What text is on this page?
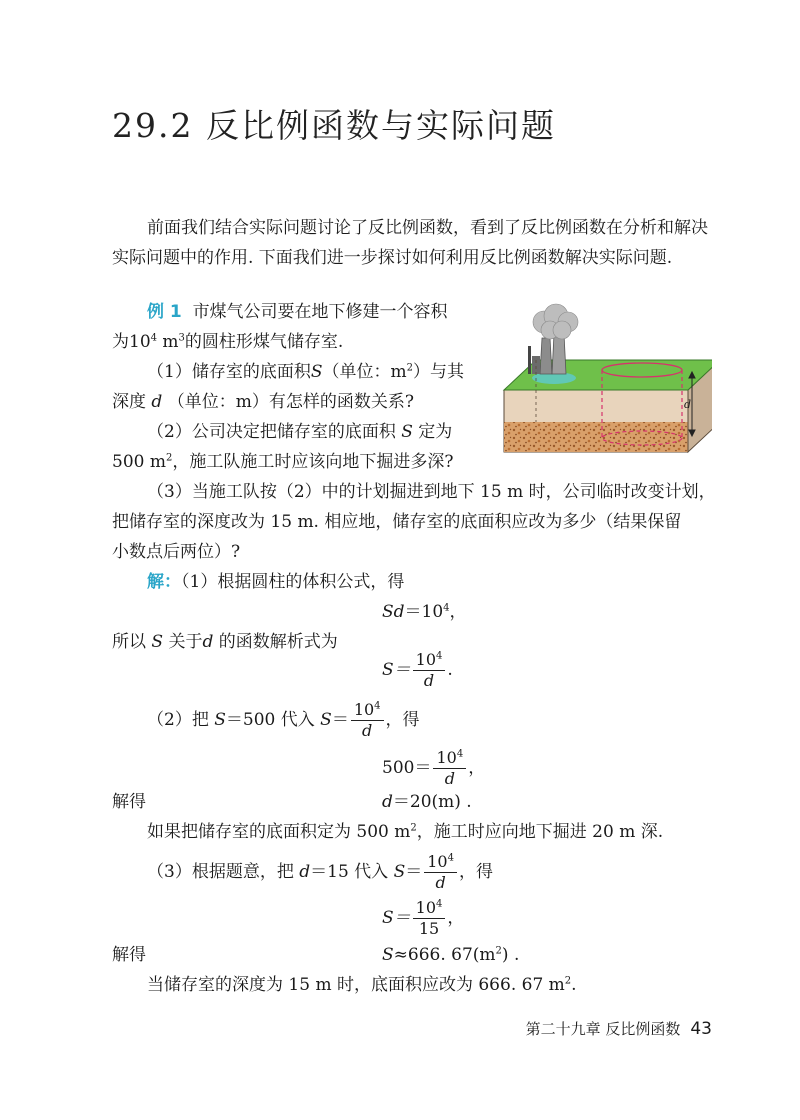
29.2 反比例函数与实际问题
前面我们结合实际问题讨论了反比例函数，看到了反比例函数在分析和解决
实际问题中的作用. 下面我们进一步探讨如何利用反比例函数解决实际问题.
例 1 市煤气公司要在地下修建一个容积
为$10^4$ $m^3$的圆柱形煤气储存室.
（1）储存室的底面积S（单位：$m^2$）与其
深度 d （单位：m）有怎样的函数关系?
（2）公司决定把储存室的底面积 S 定为
500 $m^2$，施工队施工时应该向地下掘进多深?
（3）当施工队按（2）中的计划掘进到地下 15 m 时，公司临时改变计划，
把储存室的深度改为 15 m. 相应地，储存室的底面积应改为多少（结果保留
小数点后两位）?
解：（1）根据圆柱的体积公式，得
$Sd=10^4$，
所以 S 关于d 的函数解析式为
$S= \frac{10^4}{d}$ .
（2）把 S＝500 代入 $S= \frac{10^4}{d}$ ，得
$500= \frac{10^4}{d}$ ，
解得	d＝20(m) .
如果把储存室的底面积定为 500 $m^2$，施工时应向地下掘进 20 m 深.
（3）根据题意，把 d＝15 代入 $S= \frac{10^4}{d}$ ，得
$S= \frac{10^4}{15}$ ，
解得	S≈666. $67(m^2)$ .
当储存室的深度为 15 m 时，底面积应改为 666. 67 $m^2$.
d
第二十九章 反比例函数 43
